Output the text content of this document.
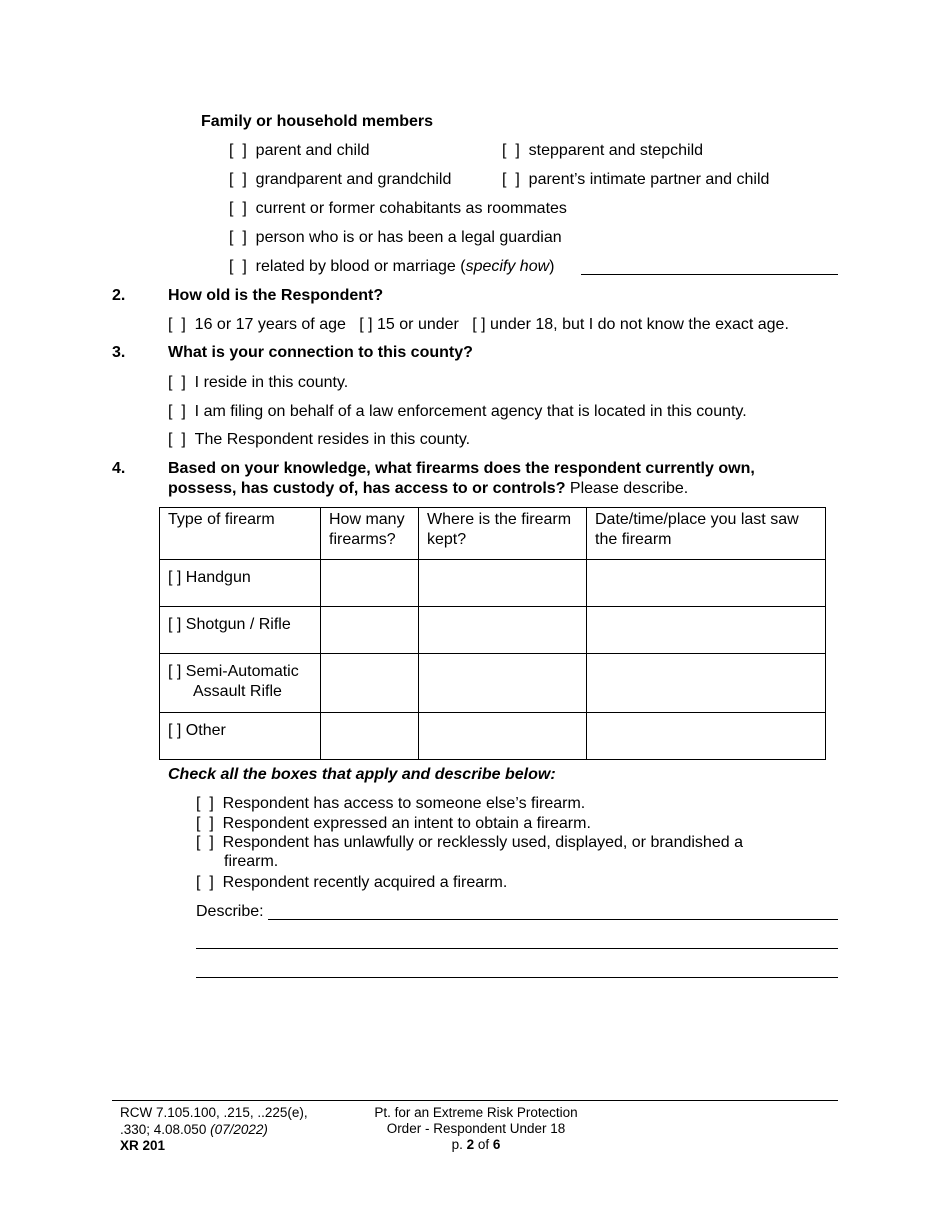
Family or household members
[  ] parent and child	[  ] stepparent and stepchild
[  ] grandparent and grandchild	[  ] parent’s intimate partner and child
[  ] current or former cohabitants as roommates
[  ] person who is or has been a legal guardian
[  ] related by blood or marriage (specify how)
2.	How old is the Respondent?
[  ] 16 or 17 years of age [ ] 15 or under [ ] under 18, but I do not know the exact age.
3.	What is your connection to this county?
[  ] I reside in this county.
[  ] I am filing on behalf of a law enforcement agency that is located in this county.
[  ] The Respondent resides in this county.
4.	Based on your knowledge, what firearms does the respondent currently own,
possess, has custody of, has access to or controls? Please describe.
Type of firearm	How many firearms?	Where is the firearm kept?	Date/time/place you last saw the firearm
[ ] Handgun			
[ ] Shotgun / Rifle			
[ ] Semi-Automatic
Assault Rifle			

[ ] Other			
Check all the boxes that apply and describe below:
[  ] Respondent has access to someone else’s firearm.
[  ] Respondent expressed an intent to obtain a firearm.
[  ] Respondent has unlawfully or recklessly used, displayed, or brandished a
firearm.
[  ] Respondent recently acquired a firearm.
Describe:
RCW 7.105.100, .215, ..225(e),
.330; 4.08.050 (07/2022)
XR 201
Pt. for an Extreme Risk Protection
Order - Respondent Under 18
p. 2 of 6
